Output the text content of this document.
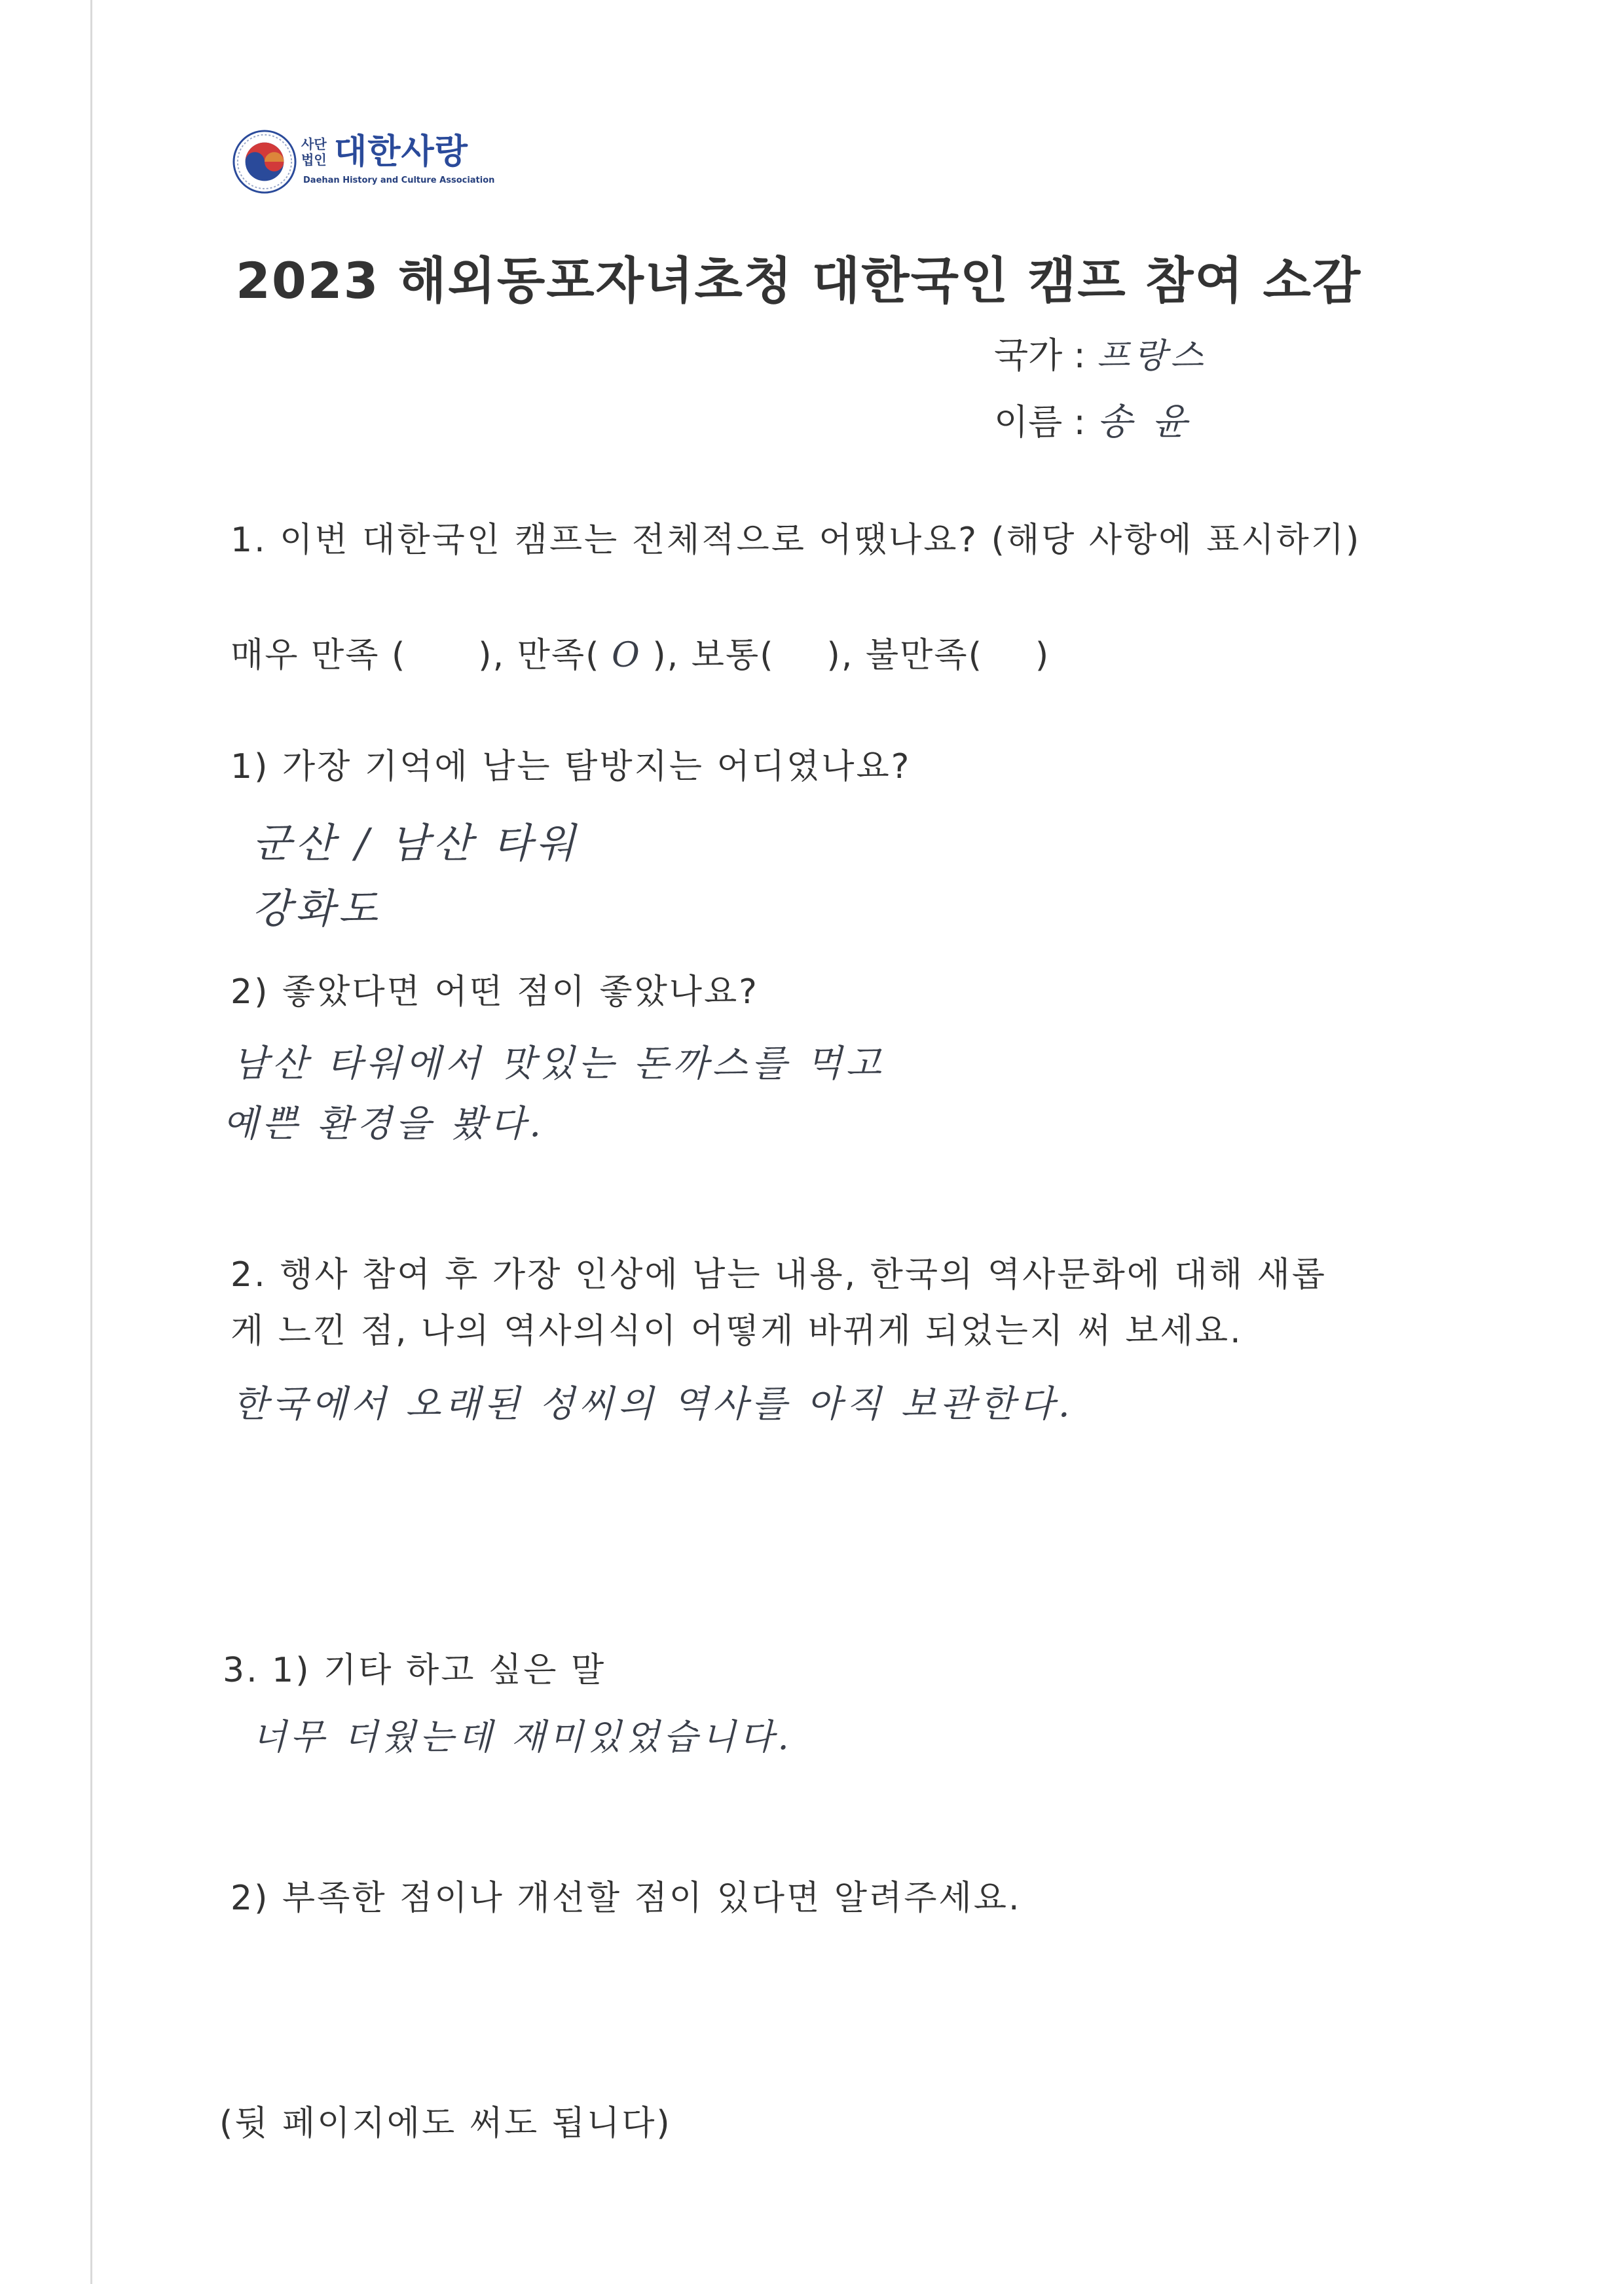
사단법인 대한사랑
Daehan History and Culture Association
2023 해외동포자녀초청 대한국인 캠프 참여 소감
국가 : 프랑스
이름 : 송 윤
1. 이번 대한국인 캠프는 전체적으로 어땠나요? (해당 사항에 표시하기)
매우 만족 ( ), 만족( O ), 보통( ), 불만족( )
1) 가장 기억에 남는 탐방지는 어디였나요?
군산 / 남산 타워
강화도
2) 좋았다면 어떤 점이 좋았나요?
남산 타워에서 맛있는 돈까스를 먹고
예쁜 환경을 봤다.
2. 행사 참여 후 가장 인상에 남는 내용, 한국의 역사문화에 대해 새롭
게 느낀 점, 나의 역사의식이 어떻게 바뀌게 되었는지 써 보세요.
한국에서 오래된 성씨의 역사를 아직 보관한다.
3. 1) 기타 하고 싶은 말
너무 더웠는데 재미있었습니다.
2) 부족한 점이나 개선할 점이 있다면 알려주세요.
(뒷 페이지에도 써도 됩니다)
